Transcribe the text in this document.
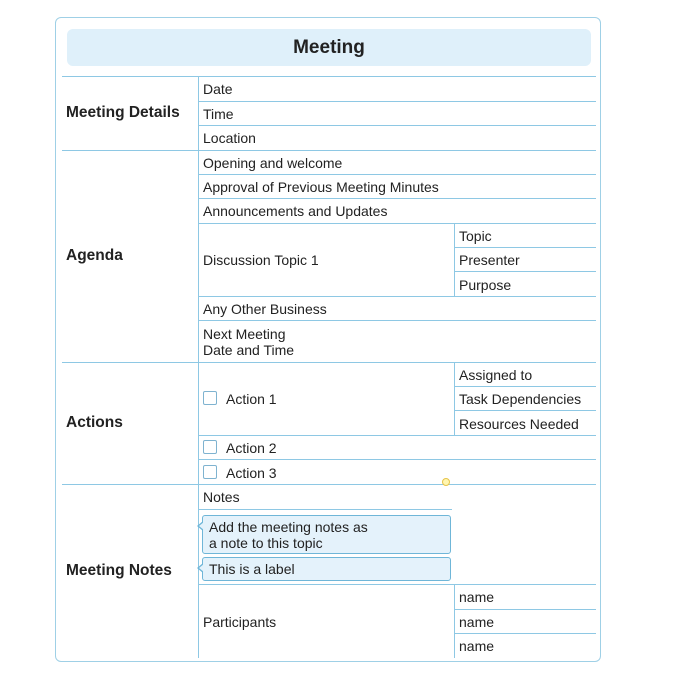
Meeting
Meeting Details
Agenda
Actions
Meeting Notes
Date
Time
Location
Opening and welcome
Approval of Previous Meeting Minutes
Announcements and Updates
Discussion Topic 1
Topic
Presenter
Purpose
Any Other Business
Next Meeting
Date and Time
Action 1
Assigned to
Task Dependencies
Resources Needed
Action 2
Action 3
Notes
Add the meeting notes as
a note to this topic
This is a label
Participants
name
name
name
